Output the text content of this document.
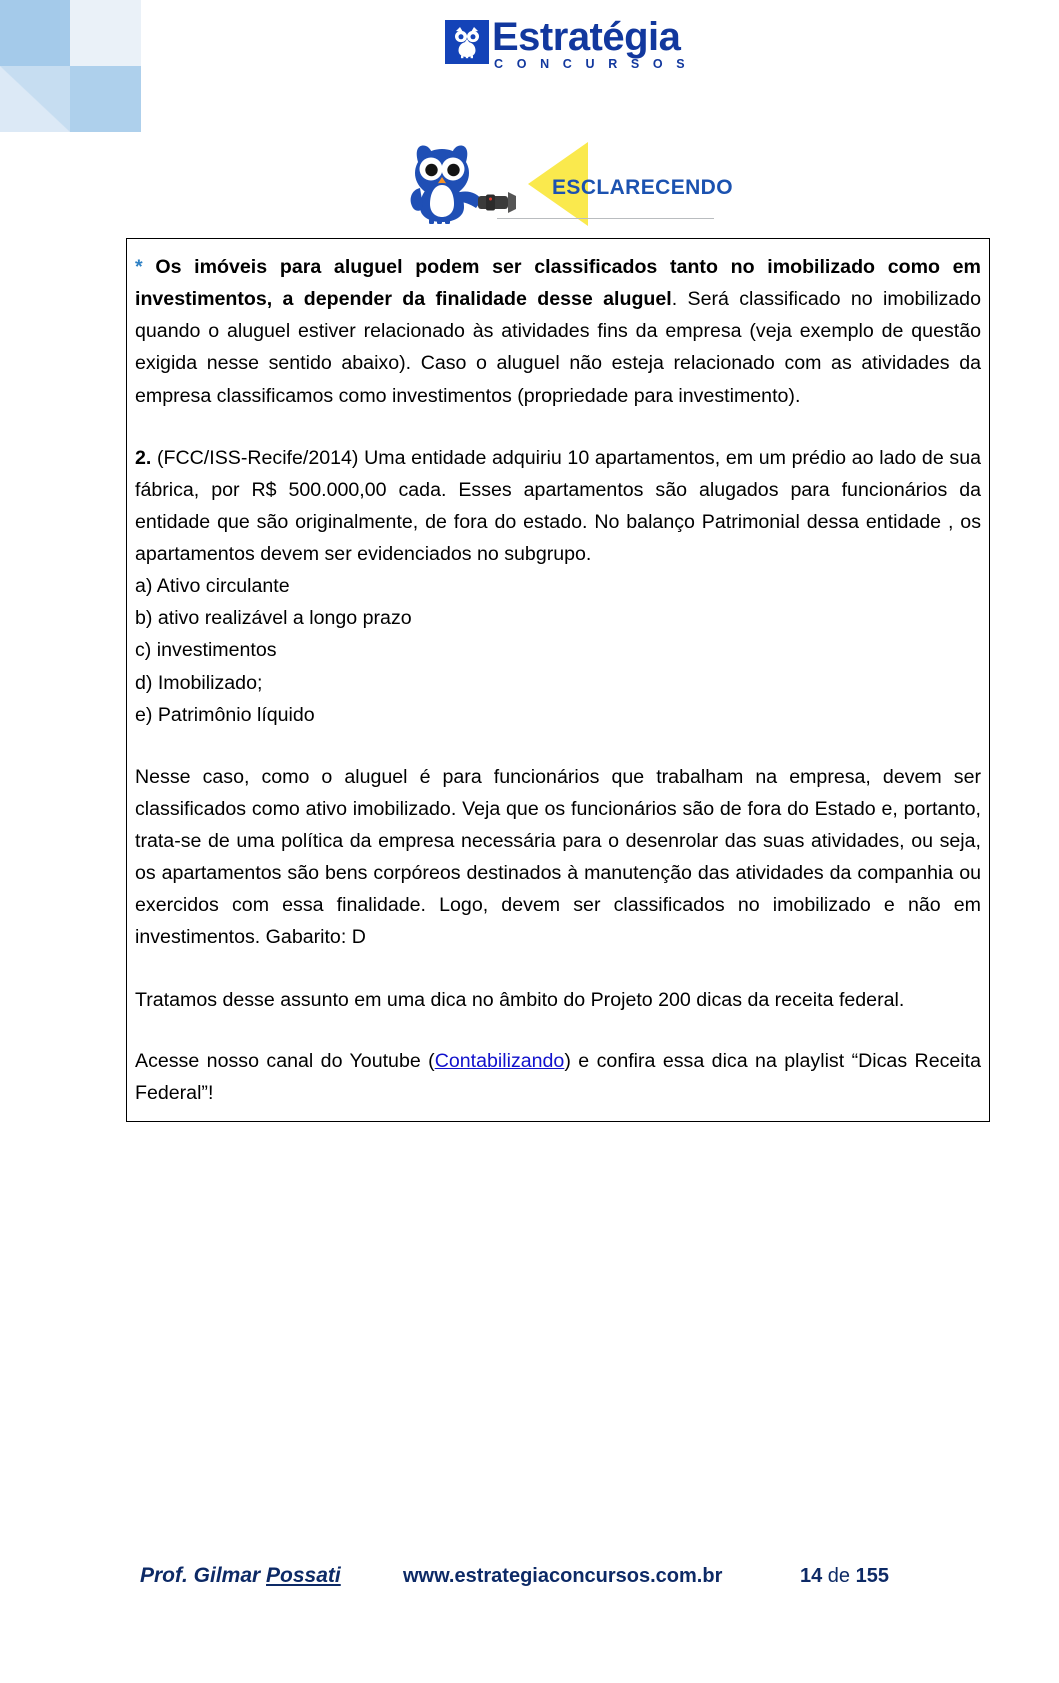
Estratégia
C O N C U R S O S
ESCLARECENDO

* Os imóveis para aluguel podem ser classificados tanto no imobilizado como em investimentos, a depender da finalidade desse aluguel. Será classificado no imobilizado quando o aluguel estiver relacionado às atividades fins da empresa (veja exemplo de questão exigida nesse sentido abaixo). Caso o aluguel não esteja relacionado com as atividades da empresa classificamos como investimentos (propriedade para investimento).

2. (FCC/ISS-Recife/2014) Uma entidade adquiriu 10 apartamentos, em um prédio ao lado de sua fábrica, por R$ 500.000,00 cada. Esses apartamentos são alugados para funcionários da entidade que são originalmente, de fora do estado. No balanço Patrimonial dessa entidade , os apartamentos devem ser evidenciados no subgrupo.

a) Ativo circulante

b) ativo realizável a longo prazo

c) investimentos

d) Imobilizado;

e) Patrimônio líquido

Nesse caso, como o aluguel é para funcionários que trabalham na empresa, devem ser classificados como ativo imobilizado. Veja que os funcionários são de fora do Estado e, portanto, trata-se de uma política da empresa necessária para o desenrolar das suas atividades, ou seja, os apartamentos são bens corpóreos destinados à manutenção das atividades da companhia ou exercidos com essa finalidade. Logo, devem ser classificados no imobilizado e não em investimentos. Gabarito: D

Tratamos desse assunto em uma dica no âmbito do Projeto 200 dicas da receita federal.

Acesse nosso canal do Youtube (Contabilizando) e confira essa dica na playlist “Dicas Receita Federal”!

Prof. Gilmar Possati	www.estrategiaconcursos.com.br	14 de 155
